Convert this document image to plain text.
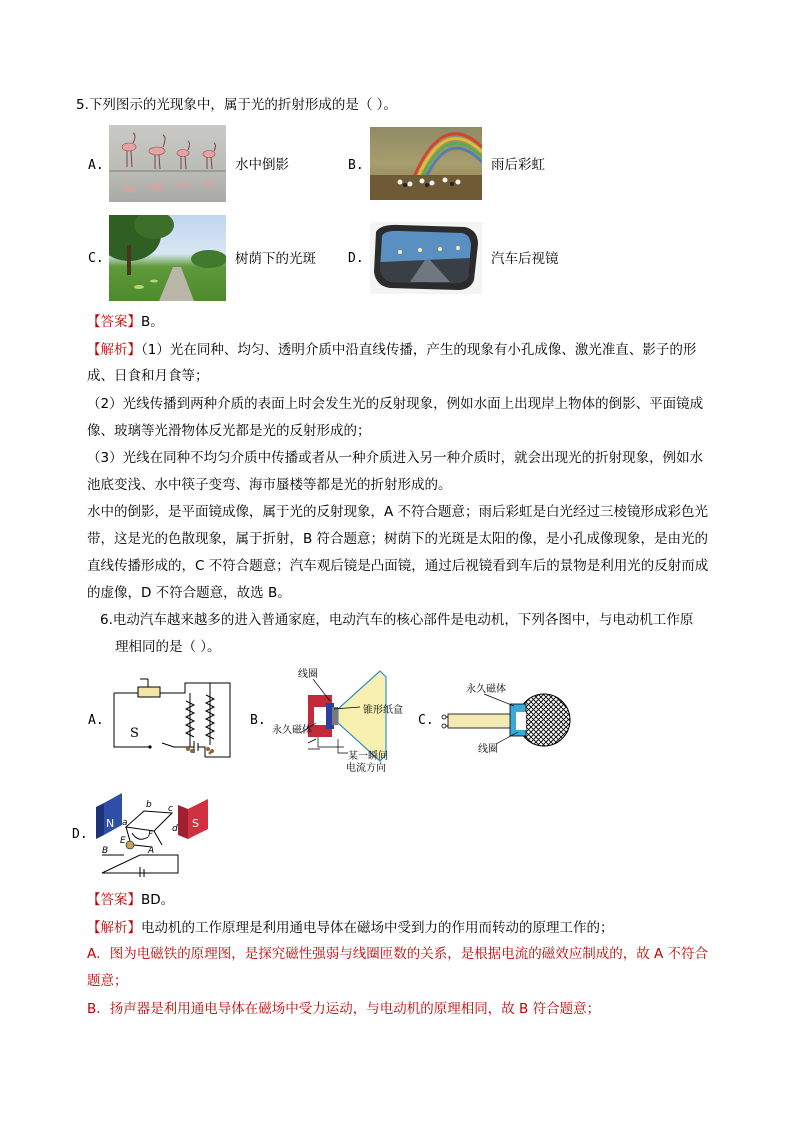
5.下列图示的光现象中，属于光的折射形成的是（ ）。
A.	水中倒影	B.	雨后彩虹
C.	树荫下的光斑 D.	汽车后视镜
【答案】B。
【解析】（1）光在同种、均匀、透明介质中沿直线传播，产生的现象有小孔成像、激光准直、影子的形
成、日食和月食等；
（2）光线传播到两种介质的表面上时会发生光的反射现象，例如水面上出现岸上物体的倒影、平面镜成
像、玻璃等光滑物体反光都是光的反射形成的；
（3）光线在同种不均匀介质中传播或者从一种介质进入另一种介质时，就会出现光的折射现象，例如水
池底变浅、水中筷子变弯、海市蜃楼等都是光的折射形成的。
水中的倒影，是平面镜成像，属于光的反射现象，A 不符合题意；雨后彩虹是白光经过三棱镜形成彩色光
带，这是光的色散现象，属于折射，B 符合题意；树荫下的光斑是太阳的像，是小孔成像现象，是由光的
直线传播形成的，C 不符合题意；汽车观后镜是凸面镜，通过后视镜看到车后的景物是利用光的反射而成
的虚像，D 不符合题意，故选 B。
6.电动汽车越来越多的进入普通家庭，电动汽车的核心部件是电动机，下列各图中，与电动机工作原
理相同的是（ ）。
A.
S
B.
线圈
锥形纸盒
永久磁体
某一瞬间
电流方向
C.
永久磁体
线圈
D.
N	S
b
a
c
d
E
F
B	A
【答案】BD。
【解析】电动机的工作原理是利用通电导体在磁场中受到力的作用而转动的原理工作的；
A．图为电磁铁的原理图，是探究磁性强弱与线圈匝数的关系，是根据电流的磁效应制成的，故 A 不符合
题意；
B．扬声器是利用通电导体在磁场中受力运动，与电动机的原理相同，故 B 符合题意；
